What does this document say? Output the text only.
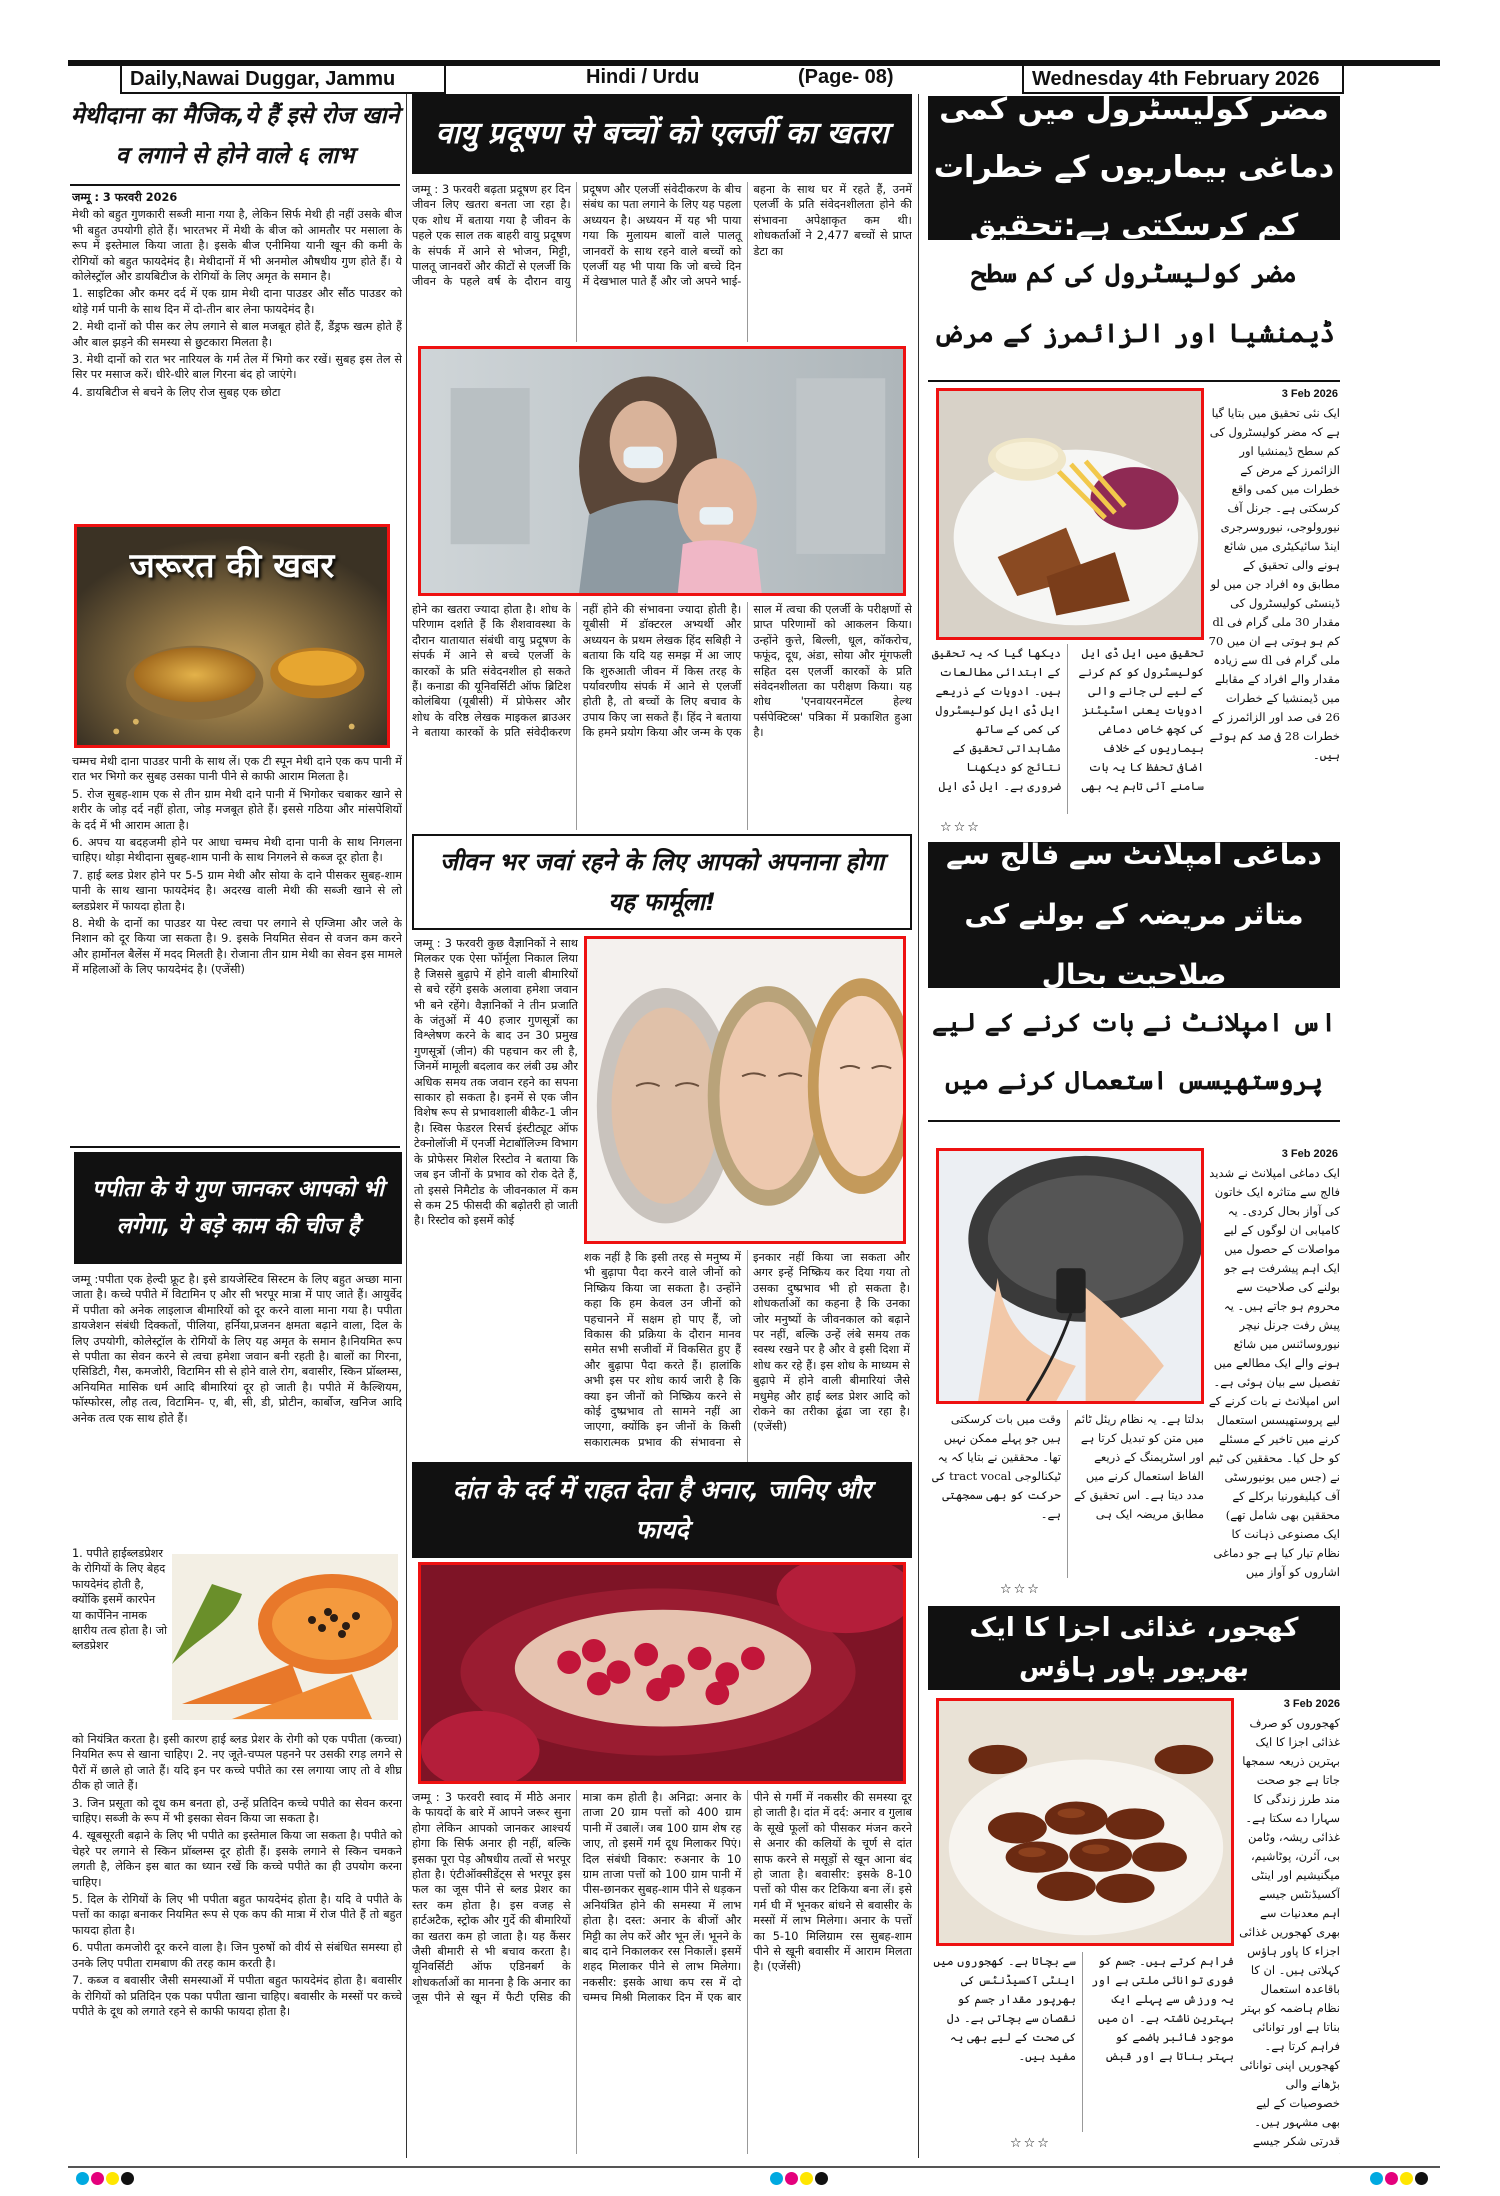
Daily,Nawai Duggar, Jammu	Hindi / Urdu	(Page- 08)	Wednesday 4th February 2026
मेथीदाना का मैजिक,ये हैं इसे रोज खाने व लगाने से होने वाले ६ लाभ

जम्मू : 3 फरवरी 2026

मेथी को बहुत गुणकारी सब्जी माना गया है, लेकिन सिर्फ मेथी ही नहीं उसके बीज भी बहुत उपयोगी होते हैं। भारतभर में मेथी के बीज को आमतौर पर मसाला के रूप में इस्तेमाल किया जाता है। इसके बीज एनीमिया यानी खून की कमी के रोगियों को बहुत फायदेमंद है। मेथीदानों में भी अनमोल औषधीय गुण होते हैं। ये कोलेस्ट्रॉल और डायबिटीज के रोगियों के लिए अमृत के समान है।

1. साइटिका और कमर दर्द में एक ग्राम मेथी दाना पाउडर और सौंठ पाउडर को थोड़े गर्म पानी के साथ दिन में दो-तीन बार लेना फायदेमंद है।

2. मेथी दानों को पीस कर लेप लगाने से बाल मजबूत होते हैं, डैंड्रफ खत्म होते हैं और बाल झड़ने की समस्या से छुटकारा मिलता है।

3. मेथी दानों को रात भर नारियल के गर्म तेल में भिगो कर रखें। सुबह इस तेल से सिर पर मसाज करें। धीरे-धीरे बाल गिरना बंद हो जाएंगे।

4. डायबिटीज से बचने के लिए रोज सुबह एक छोटा

जरूरत की खबर

चम्मच मेथी दाना पाउडर पानी के साथ लें। एक टी स्पून मेथी दाने एक कप पानी में रात भर भिगो कर सुबह उसका पानी पीने से काफी आराम मिलता है।

5. रोज सुबह-शाम एक से तीन ग्राम मेथी दाने पानी में भिगोकर चबाकर खाने से शरीर के जोड़ दर्द नहीं होता, जोड़ मजबूत होते हैं। इससे गठिया और मांसपेशियों के दर्द में भी आराम आता है।

6. अपच या बदहजमी होने पर आधा चम्मच मेथी दाना पानी के साथ निगलना चाहिए। थोड़ा मेथीदाना सुबह-शाम पानी के साथ निगलने से कब्ज दूर होता है।

7. हाई ब्लड प्रेशर होने पर 5-5 ग्राम मेथी और सोया के दाने पीसकर सुबह-शाम पानी के साथ खाना फायदेमंद है। अदरख वाली मेथी की सब्जी खाने से लो ब्लडप्रेशर में फायदा होता है।

8. मेथी के दानों का पाउडर या पेस्ट त्वचा पर लगाने से एग्जिमा और जले के निशान को दूर किया जा सकता है। 9. इसके नियमित सेवन से वजन कम करने और हार्मोनल बैलेंस में मदद मिलती है। रोजाना तीन ग्राम मेथी का सेवन इस मामले में महिलाओं के लिए फायदेमंद है। (एजेंसी)

पपीता के ये गुण जानकर आपको भी लगेगा, ये बड़े काम की चीज है

जम्मू :पपीता एक हेल्दी फ्रूट है। इसे डायजेस्टिव सिस्टम के लिए बहुत अच्छा माना जाता है। कच्चे पपीते में विटामिन ए और सी भरपूर मात्रा में पाए जाते हैं। आयुर्वेद में पपीता को अनेक लाइलाज बीमारियों को दूर करने वाला माना गया है। पपीता डायजेशन संबंधी दिक्कतों, पीलिया, हर्निया,प्रजनन क्षमता बढ़ाने वाला, दिल के लिए उपयोगी, कोलेस्ट्रॉल के रोगियों के लिए यह अमृत के समान है।नियमित रूप से पपीता का सेवन करने से त्वचा हमेशा जवान बनी रहती है। बालों का गिरना, एसिडिटी, गैस, कमजोरी, विटामिन सी से होने वाले रोग, बवासीर, स्किन प्रॉब्लम्स, अनियमित मासिक धर्म आदि बीमारियां दूर हो जाती है। पपीते में कैल्शियम, फॉस्फोरस, लौह तत्व, विटामिन- ए, बी, सी, डी, प्रोटीन, कार्बोज, खनिज आदि अनेक तत्व एक साथ होते हैं।

1. पपीते हाईब्लडप्रेशर के रोगियों के लिए बेहद फायदेमंद होती है, क्योंकि इसमें कारपेन या कार्पेनिन नामक क्षारीय तत्व होता है। जो ब्लडप्रेशर

को नियंत्रित करता है। इसी कारण हाई ब्लड प्रेशर के रोगी को एक पपीता (कच्चा) नियमित रूप से खाना चाहिए। 2. नए जूते-चप्पल पहनने पर उसकी रगड़ लगने से पैरों में छाले हो जाते हैं। यदि इन पर कच्चे पपीते का रस लगाया जाए तो वे शीघ्र ठीक हो जाते हैं।

3. जिन प्रसूता को दूध कम बनता हो, उन्हें प्रतिदिन कच्चे पपीते का सेवन करना चाहिए। सब्जी के रूप में भी इसका सेवन किया जा सकता है।

4. खूबसूरती बढ़ाने के लिए भी पपीते का इस्तेमाल किया जा सकता है। पपीते को चेहरे पर लगाने से स्किन प्रॉब्लम्स दूर होती हैं। इसके लगाने से स्किन चमकने लगती है, लेकिन इस बात का ध्यान रखें कि कच्चे पपीते का ही उपयोग करना चाहिए।

5. दिल के रोगियों के लिए भी पपीता बहुत फायदेमंद होता है। यदि वे पपीते के पत्तों का काढ़ा बनाकर नियमित रूप से एक कप की मात्रा में रोज पीते हैं तो बहुत फायदा होता है।

6. पपीता कमजोरी दूर करने वाला है। जिन पुरुषों को वीर्य से संबंधित समस्या हो उनके लिए पपीता रामबाण की तरह काम करती है।

7. कब्ज व बवासीर जैसी समस्याओं में पपीता बहुत फायदेमंद होता है। बवासीर के रोगियों को प्रतिदिन एक पका पपीता खाना चाहिए। बवासीर के मस्सों पर कच्चे पपीते के दूध को लगाते रहने से काफी फायदा होता है।

वायु प्रदूषण से बच्चों को एलर्जी का खतरा
जम्मू : 3 फरवरी बढ़ता प्रदूषण हर दिन जीवन लिए खतरा बनता जा रहा है। एक शोध में बताया गया है जीवन के पहले एक साल तक बाहरी वायु प्रदूषण के संपर्क में आने से भोजन, मिट्टी, पालतू जानवरों और कीटों से एलर्जी कि जीवन के पहले वर्ष के दौरान वायु प्रदूषण और एलर्जी संवेदीकरण के बीच संबंध का पता लगाने के लिए यह पहला अध्ययन है। अध्ययन में यह भी पाया गया कि मुलायम बालों वाले पालतू जानवरों के साथ रहने वाले बच्चों को एलर्जी यह भी पाया कि जो बच्चे दिन में देखभाल पाते हैं और जो अपने भाई-बहना के साथ घर में रहते हैं, उनमें एलर्जी के प्रति संवेदनशीलता होने की संभावना अपेक्षाकृत कम थी। शोधकर्ताओं ने 2,477 बच्चों से प्राप्त डेटा का
होने का खतरा ज्यादा होता है। शोध के परिणाम दर्शाते हैं कि शैशवावस्था के दौरान यातायात संबंधी वायु प्रदूषण के संपर्क में आने से बच्चे एलर्जी के कारकों के प्रति संवेदनशील हो सकते हैं। कनाडा की यूनिवर्सिटी ऑफ ब्रिटिश कोलंबिया (यूबीसी) में प्रोफेसर और शोध के वरिष्ठ लेखक माइकल ब्राउअर ने बताया कारकों के प्रति संवेदीकरण नहीं होने की संभावना ज्यादा होती है। यूबीसी में डॉक्टरल अभ्यर्थी और अध्ययन के प्रथम लेखक हिंद सबिही ने बताया कि यदि यह समझ में आ जाए कि शुरुआती जीवन में किस तरह के पर्यावरणीय संपर्क में आने से एलर्जी होती है, तो बच्चों के लिए बचाव के उपाय किए जा सकते हैं। हिंद ने बताया कि हमने प्रयोग किया और जन्म के एक साल में त्वचा की एलर्जी के परीक्षणों से प्राप्त परिणामों को आकलन किया। उन्होंने कुत्ते, बिल्ली, धूल, कॉकरोच, फफूंद, दूध, अंडा, सोया और मूंगफली सहित दस एलर्जी कारकों के प्रति संवेदनशीलता का परीक्षण किया। यह शोध 'एनवायरनमेंटल हेल्थ पर्सपेक्टिव्स' पत्रिका में प्रकाशित हुआ है।
जीवन भर जवां रहने के लिए आपको अपनाना होगा यह फार्मूला!
जम्मू : 3 फरवरी कुछ वैज्ञानिकों ने साथ मिलकर एक ऐसा फॉर्मूला निकाल लिया है जिससे बुढ़ापे में होने वाली बीमारियों से बचे रहेंगे इसके अलावा हमेशा जवान भी बने रहेंगे। वैज्ञानिकों ने तीन प्रजाति के जंतुओं में 40 हजार गुणसूत्रों का विश्लेषण करने के बाद उन 30 प्रमुख गुणसूत्रों (जीन) की पहचान कर ली है, जिनमें मामूली बदलाव कर लंबी उम्र और अधिक समय तक जवान रहने का सपना साकार हो सकता है। इनमें से एक जीन विशेष रूप से प्रभावशाली बीकैट-1 जीन है। स्विस फेडरल रिसर्च इंस्टीट्यूट ऑफ टेक्नोलॉजी में एनर्जी मेटाबॉलिज्म विभाग के प्रोफेसर मिशेल रिस्टोव ने बताया कि जब इन जीनों के प्रभाव को रोक देते हैं, तो इससे निमैटोड के जीवनकाल में कम से कम 25 फीसदी की बढ़ोतरी हो जाती है। रिस्टोव को इसमें कोई
शक नहीं है कि इसी तरह से मनुष्य में भी बुढ़ापा पैदा करने वाले जीनों को निष्क्रिय किया जा सकता है। उन्होंने कहा कि हम केवल उन जीनों को पहचानने में सक्षम हो पाए हैं, जो विकास की प्रक्रिया के दौरान मानव समेत सभी सजीवों में विकसित हुए हैं और बुढ़ापा पैदा करते हैं। हालांकि अभी इस पर शोध कार्य जारी है कि क्या इन जीनों को निष्क्रिय करने से कोई दुष्प्रभाव तो सामने नहीं आ जाएगा, क्योंकि इन जीनों के किसी सकारात्मक प्रभाव की संभावना से इनकार नहीं किया जा सकता और अगर इन्हें निष्क्रिय कर दिया गया तो उसका दुष्प्रभाव भी हो सकता है। शोधकर्ताओं का कहना है कि उनका जोर मनुष्यों के जीवनकाल को बढ़ाने पर नहीं, बल्कि उन्हें लंबे समय तक स्वस्थ रखने पर है और वे इसी दिशा में शोध कर रहे हैं। इस शोध के माध्यम से बुढ़ापे में होने वाली बीमारियां जैसे मधुमेह और हाई ब्लड प्रेशर आदि को रोकने का तरीका ढूंढा जा रहा है। (एजेंसी)
दांत के दर्द में राहत देता है अनार, जानिए और फायदे
जम्मू : 3 फरवरी स्वाद में मीठे अनार के फायदों के बारे में आपने जरूर सुना होगा लेकिन आपको जानकर आश्चर्य होगा कि सिर्फ अनार ही नहीं, बल्कि इसका पूरा पेड़ औषधीय तत्वों से भरपूर होता है। एंटीऑक्सीडेंट्स से भरपूर इस फल का जूस पीने से ब्लड प्रेशर का स्तर कम होता है। इस वजह से हार्टअटैक, स्ट्रोक और गुर्दे की बीमारियों का खतरा कम हो जाता है। यह कैंसर जैसी बीमारी से भी बचाव करता है। यूनिवर्सिटी ऑफ एडिनबर्ग के शोधकर्ताओं का मानना है कि अनार का जूस पीने से खून में फैटी एसिड की मात्रा कम होती है। अनिद्रा: अनार के ताजा 20 ग्राम पत्तों को 400 ग्राम पानी में उबालें। जब 100 ग्राम शेष रह जाए, तो इसमें गर्म दूध मिलाकर पिएं।दिल संबंधी विकार: रुअनार के 10 ग्राम ताजा पत्तों को 100 ग्राम पानी में पीस-छानकर सुबह-शाम पीने से धड़कन अनियंत्रित होने की समस्या में लाभ होता है। दस्त: अनार के बीजों और मिट्टी का लेप करें और भून लें। भूनने के बाद दाने निकालकर रस निकालें। इसमें शहद मिलाकर पीने से लाभ मिलेगा। नकसीर: इसके आधा कप रस में दो चम्मच मिश्री मिलाकर दिन में एक बार पीने से गर्मी में नकसीर की समस्या दूर हो जाती है। दांत में दर्द: अनार व गुलाब के सूखे फूलों को पीसकर मंजन करने से अनार की कलियों के चूर्ण से दांत साफ करने से मसूड़ों से खून आना बंद हो जाता है। बवासीर: इसके 8-10 पत्तों को पीस कर टिकिया बना लें। इसे गर्म घी में भूनकर बांधने से बवासीर के मस्सों में लाभ मिलेगा। अनार के पत्तों का 5-10 मिलिग्राम रस सुबह-शाम पीने से खूनी बवासीर में आराम मिलता है। (एजेंसी)
مضر کولیسٹرول میں کمی دماغی بیماریوں کے خطرات کم کرسکتی ہے:تحقیق
مضر کولیسٹرول کی کم سطح ڈیمنشیا اور الزائمرز کے مرض
3 Feb 2026
ایک نئی تحقیق میں بتایا گیا ہے کہ مضر کولیسٹرول کی کم سطح ڈیمنشیا اور الزائمرز کے مرض کے خطرات میں کمی واقع کرسکتی ہے۔ جرنل آف نیورولوجی، نیوروسرجری اینڈ سائیکیٹری میں شائع ہونے والی تحقیق کے مطابق وہ افراد جن میں لو ڈینسٹی کولیسٹرول کی مقدار 30 ملی گرام فی dl کم ہو ہوتی ہے ان میں 70 ملی گرام فی dl سے زیادہ مقدار والے افراد کے مقابلے میں ڈیمنشیا کے خطرات 26 فی صد اور الزائمرز کے خطرات 28 فی صد کم ہوتے ہیں۔
تحقیق میں ایل ڈی ایل کولیسٹرول کو کم کرنے کے لیے لی جانے والی ادویات یعنی اسٹیٹنز کی کچھ خاص دماغی بیماریوں کے خلاف اضافی تحفظ کا یہ بات سامنے آئی تاہم یہ بھی دیکھا گیا کہ یہ تحقیق کے ابتدائی مطالعات ہیں۔ ادویات کے ذریعے ایل ڈی ایل کولیسٹرول کی کمی کے ساتھ مشاہداتی تحقیق کے نتائج کو دیکھنا ضروری ہے۔ ایل ڈی ایل
☆☆☆
دماغی امپلانٹ سے فالج سے متاثر مریضہ کے بولنے کی صلاحیت بحال
اس امپلانٹ نے بات کرنے کے لیے پروستھیسس استعمال کرنے میں
3 Feb 2026
ایک دماغی امپلانٹ نے شدید فالج سے متاثرہ ایک خاتون کی آواز بحال کردی۔ یہ کامیابی ان لوگوں کے لیے مواصلات کے حصول میں ایک اہم پیشرفت ہے جو بولنے کی صلاحیت سے محروم ہو جاتے ہیں۔ یہ پیش رفت جرنل نیچر نیوروسائنس میں شائع ہونے والے ایک مطالعے میں تفصیل سے بیان ہوئی ہے۔ اس امپلانٹ نے بات کرنے کے لیے پروستھیسس استعمال کرنے میں تاخیر کے مسئلے کو حل کیا۔ محققین کی ٹیم نے (جس میں یونیورسٹی آف کیلیفورنیا برکلے کے محققین بھی شامل تھے) ایک مصنوعی ذہانت کا نظام تیار کیا ہے جو دماغی اشاروں کو آواز میں
بدلتا ہے۔ یہ نظام ریئل ٹائم میں متن کو تبدیل کرتا ہے اور اسٹریمنگ کے ذریعے الفاظ استعمال کرنے میں مدد دیتا ہے۔ اس تحقیق کے مطابق مریضہ ایک ہی وقت میں بات کرسکتی ہیں جو پہلے ممکن نہیں تھا۔ محققین نے بتایا کہ یہ ٹیکنالوجی tract vocal کی حرکت کو بھی سمجھتی ہے۔
☆☆☆
کھجور، غذائی اجزا کا ایک بھرپور پاور ہاؤس
3 Feb 2026
کھجوروں کو صرف غذائی اجزا کا ایک بہترین ذریعہ سمجھا جاتا ہے جو صحت مند طرز زندگی کا سہارا دے سکتا ہے۔ غذائی ریشہ، وٹامن بی، آئرن، پوٹاشیم، میگنیشیم اور اینٹی آکسیڈنٹس جیسے اہم معدنیات سے بھری کھجوریں غذائی اجزاء کا پاور ہاؤس کہلاتی ہیں۔ ان کا باقاعدہ استعمال نظام ہاضمہ کو بہتر بناتا ہے اور توانائی فراہم کرتا ہے۔ کھجوریں اپنی توانائی بڑھانے والی خصوصیات کے لیے بھی مشہور ہیں۔ قدرتی شکر جیسے
فراہم کرتے ہیں۔ جسم کو فوری توانائی ملتی ہے اور یہ ورزش سے پہلے ایک بہترین ناشتہ ہے۔ ان میں موجود فائبر ہاضمے کو بہتر بناتا ہے اور قبض سے بچاتا ہے۔ کھجوروں میں اینٹی آکسیڈنٹس کی بھرپور مقدار جسم کو نقصان سے بچاتی ہے۔ دل کی صحت کے لیے بھی یہ مفید ہیں۔
☆☆☆
